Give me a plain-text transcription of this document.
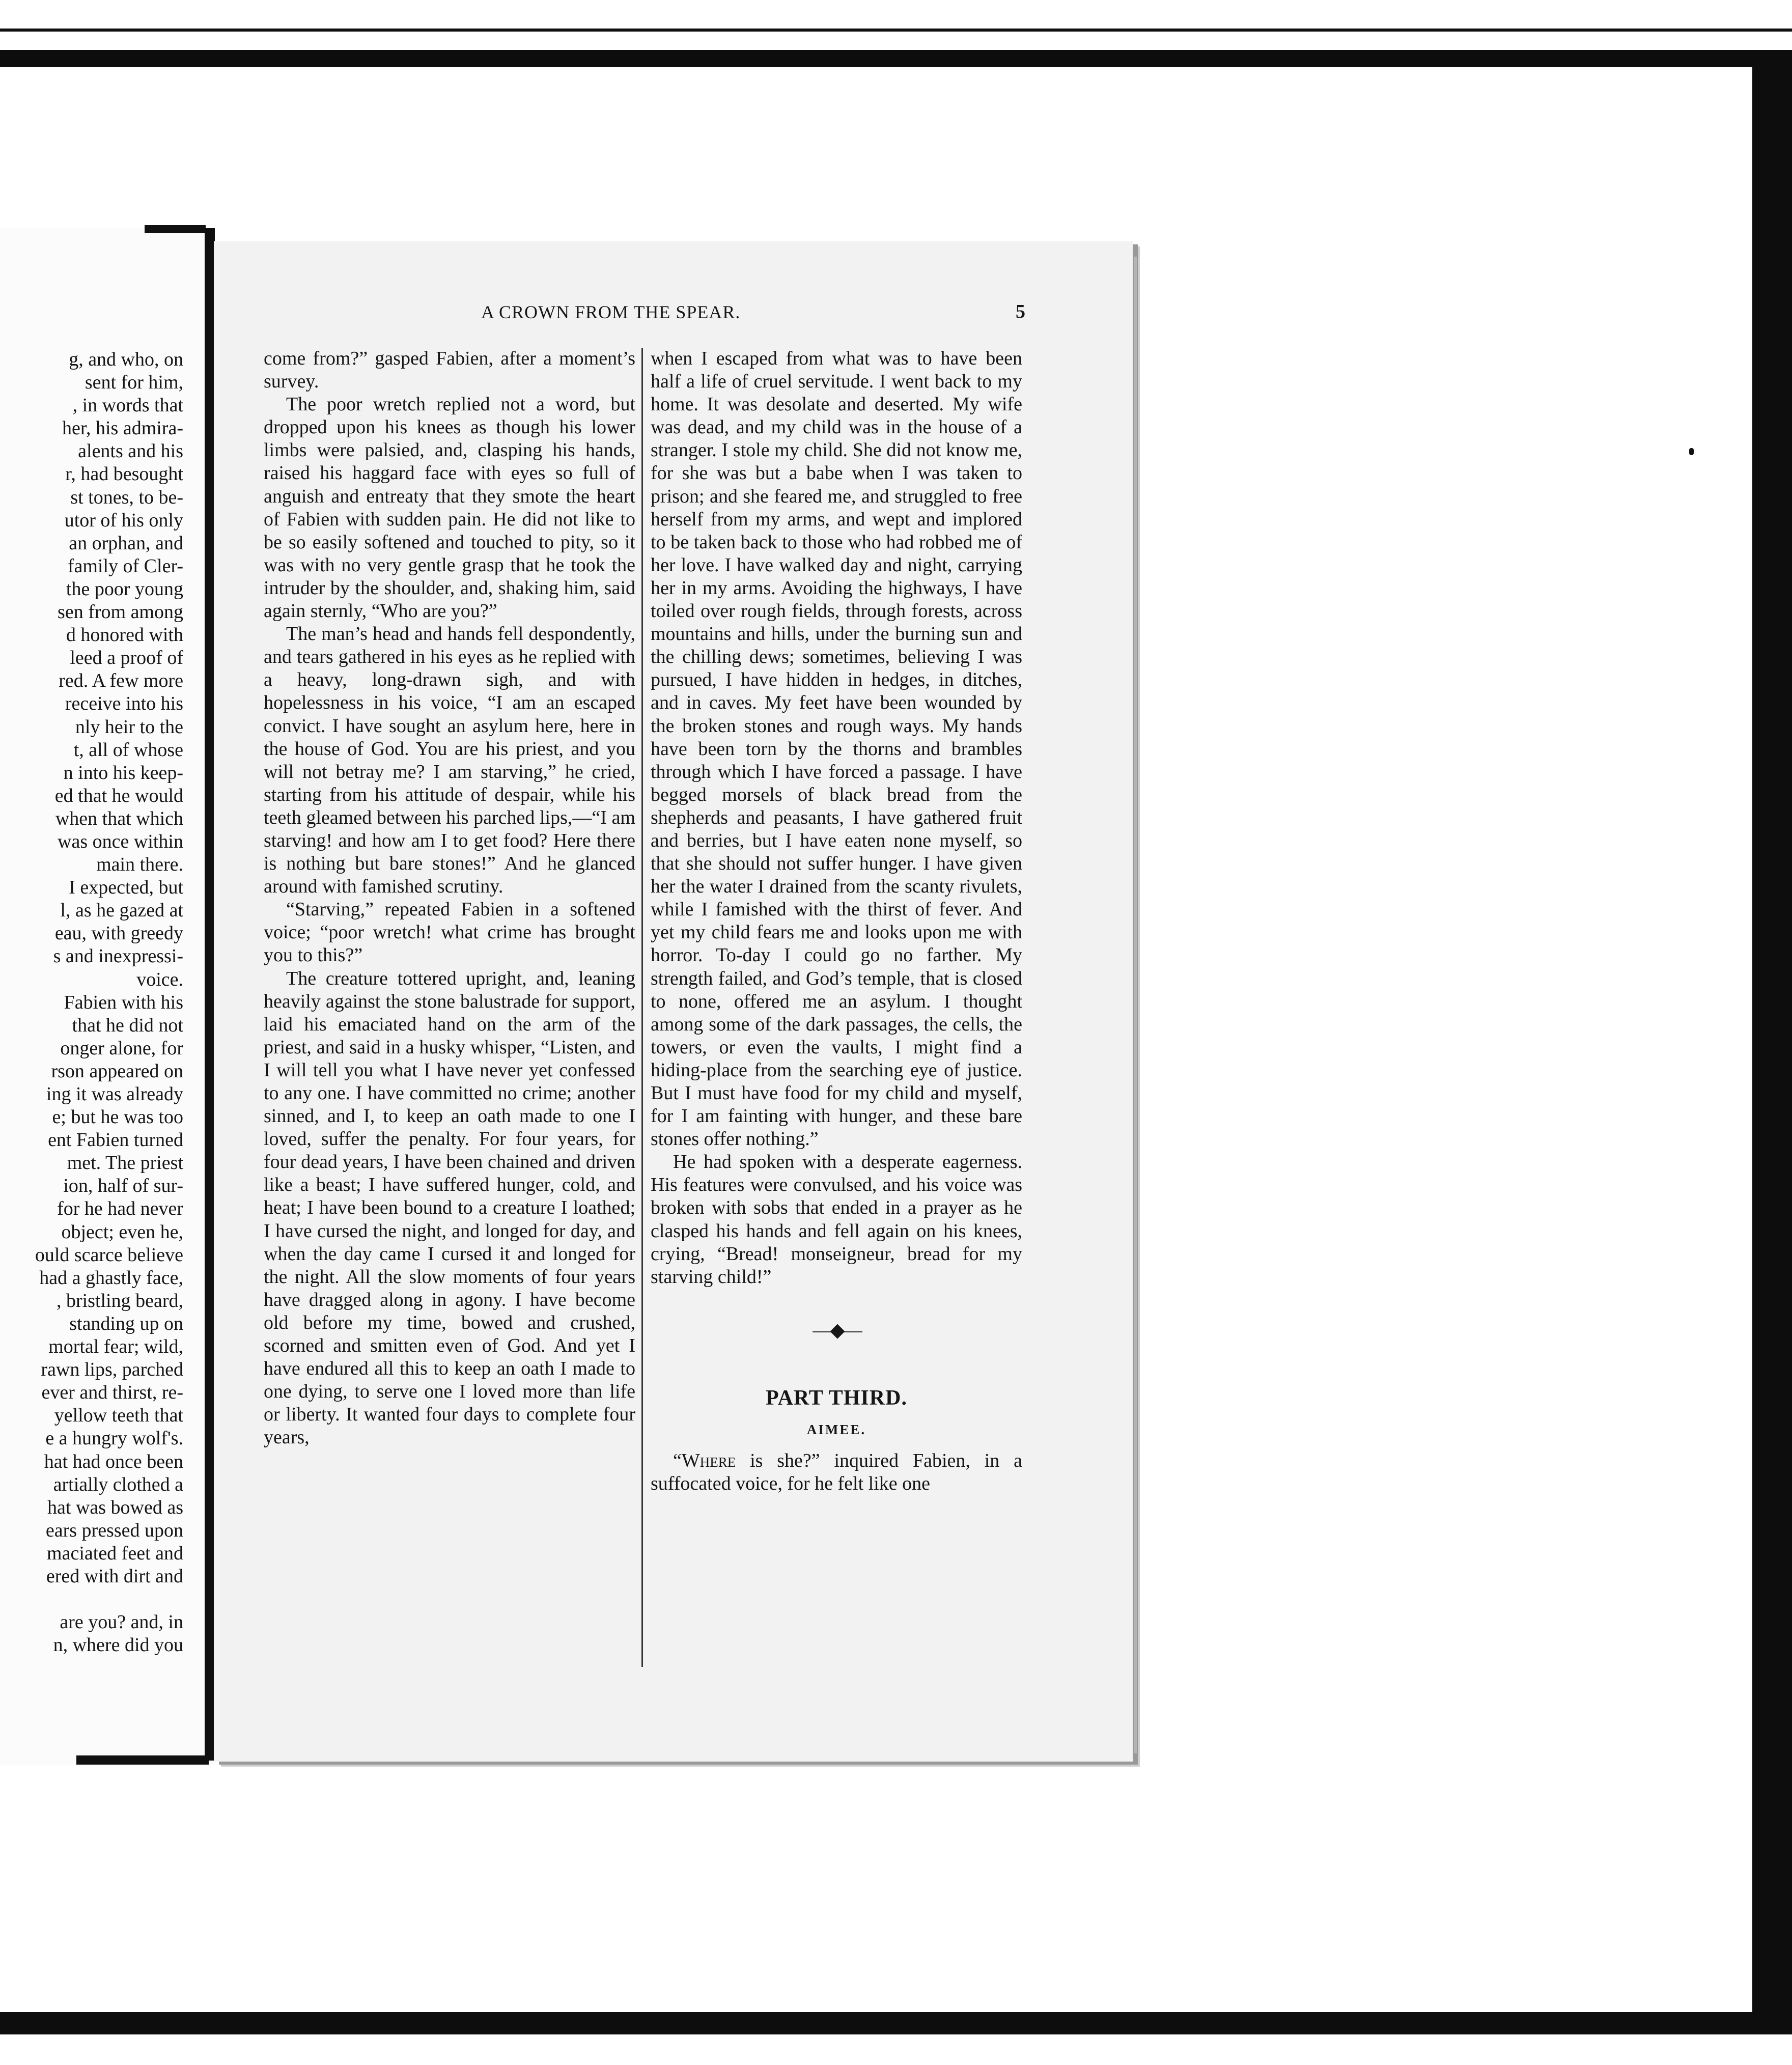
g, and who, on
sent for him,
, in words that
her, his admira-
alents and his
r, had besought
st tones, to be-
utor of his only
an orphan, and
family of Cler-
the poor young
sen from among
d honored with
leed a proof of
red. A few more
receive into his
nly heir to the
t, all of whose
n into his keep-
ed that he would
when that which
was once within
main there.
I expected, but
l, as he gazed at
eau, with greedy
s and inexpressi-
voice.
Fabien with his
that he did not
onger alone, for
rson appeared on
ing it was already
e; but he was too
ent Fabien turned
met. The priest
ion, half of sur-
for he had never
object; even he,
ould scarce believe
had a ghastly face,
, bristling beard,
standing up on
mortal fear; wild,
rawn lips, parched
ever and thirst, re-
yellow teeth that
e a hungry wolf's.
hat had once been
artially clothed a
hat was bowed as
ears pressed upon
maciated feet and
ered with dirt and
are you? and, in
n, where did you
A CROWN FROM THE SPEAR.	5

come from?” gasped Fabien, after a moment’s survey.

The poor wretch replied not a word, but dropped upon his knees as though his lower limbs were palsied, and, clasping his hands, raised his haggard face with eyes so full of anguish and entreaty that they smote the heart of Fabien with sudden pain. He did not like to be so easily softened and touched to pity, so it was with no very gentle grasp that he took the intruder by the shoulder, and, shaking him, said again sternly, “Who are you?”

The man’s head and hands fell despondently, and tears gathered in his eyes as he replied with a heavy, long-drawn sigh, and with hopelessness in his voice, “I am an escaped convict. I have sought an asylum here, here in the house of God. You are his priest, and you will not betray me? I am starving,” he cried, starting from his attitude of despair, while his teeth gleamed between his parched lips,—“I am starving! and how am I to get food? Here there is nothing but bare stones!” And he glanced around with famished scrutiny.

“Starving,” repeated Fabien in a softened voice; “poor wretch! what crime has brought you to this?”

The creature tottered upright, and, leaning heavily against the stone balustrade for support, laid his emaciated hand on the arm of the priest, and said in a husky whisper, “Listen, and I will tell you what I have never yet confessed to any one. I have committed no crime; another sinned, and I, to keep an oath made to one I loved, suffer the penalty. For four years, for four dead years, I have been chained and driven like a beast; I have suffered hunger, cold, and heat; I have been bound to a creature I loathed; I have cursed the night, and longed for day, and when the day came I cursed it and longed for the night. All the slow moments of four years have dragged along in agony. I have become old before my time, bowed and crushed, scorned and smitten even of God. And yet I have endured all this to keep an oath I made to one dying, to serve one I loved more than life or liberty. It wanted four days to complete four years,

when I escaped from what was to have been half a life of cruel servitude. I went back to my home. It was desolate and deserted. My wife was dead, and my child was in the house of a stranger. I stole my child. She did not know me, for she was but a babe when I was taken to prison; and she feared me, and struggled to free herself from my arms, and wept and implored to be taken back to those who had robbed me of her love. I have walked day and night, carrying her in my arms. Avoiding the highways, I have toiled over rough fields, through forests, across mountains and hills, under the burning sun and the chilling dews; sometimes, believing I was pursued, I have hidden in hedges, in ditches, and in caves. My feet have been wounded by the broken stones and rough ways. My hands have been torn by the thorns and brambles through which I have forced a passage. I have begged morsels of black bread from the shepherds and peasants, I have gathered fruit and berries, but I have eaten none myself, so that she should not suffer hunger. I have given her the water I drained from the scanty rivulets, while I famished with the thirst of fever. And yet my child fears me and looks upon me with horror. To-day I could go no farther. My strength failed, and God’s temple, that is closed to none, offered me an asylum. I thought among some of the dark passages, the cells, the towers, or even the vaults, I might find a hiding-place from the searching eye of justice. But I must have food for my child and myself, for I am fainting with hunger, and these bare stones offer nothing.”

He had spoken with a desperate eagerness. His features were convulsed, and his voice was broken with sobs that ended in a prayer as he clasped his hands and fell again on his knees, crying, “Bread! monseigneur, bread for my starving child!”

—◆—
PART THIRD.
AIMEE.

“Where is she?” inquired Fabien, in a suffocated voice, for he felt like one
